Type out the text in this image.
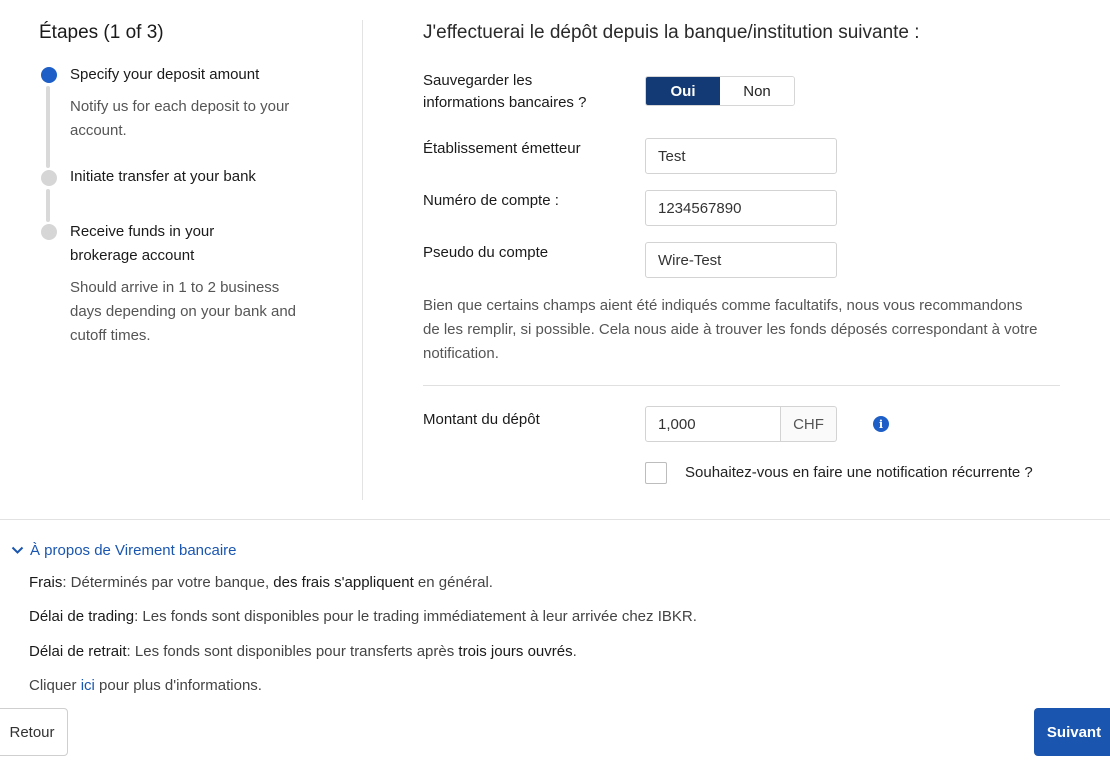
Étapes (1 of 3)
Specify your deposit amount
Notify us for each deposit to your account.
Initiate transfer at your bank
Receive funds in your brokerage account
Should arrive in 1 to 2 business days depending on your bank and cutoff times.
J'effectuerai le dépôt depuis la banque/institution suivante :
Sauvegarder les informations bancaires ?
Oui	Non
Établissement émetteur	Test
Numéro de compte :	1234567890
Pseudo du compte	Wire-Test
Bien que certains champs aient été indiqués comme facultatifs, nous vous recommandons de les remplir, si possible. Cela nous aide à trouver les fonds déposés correspondant à votre notification.
Montant du dépôt	1,000	CHF	i
Souhaitez-vous en faire une notification récurrente ?
À propos de Virement bancaire
Frais: Déterminés par votre banque, des frais s'appliquent en général.
Délai de trading: Les fonds sont disponibles pour le trading immédiatement à leur arrivée chez IBKR.
Délai de retrait: Les fonds sont disponibles pour transferts après trois jours ouvrés.
Cliquer ici pour plus d'informations.
Retour	Suivant
